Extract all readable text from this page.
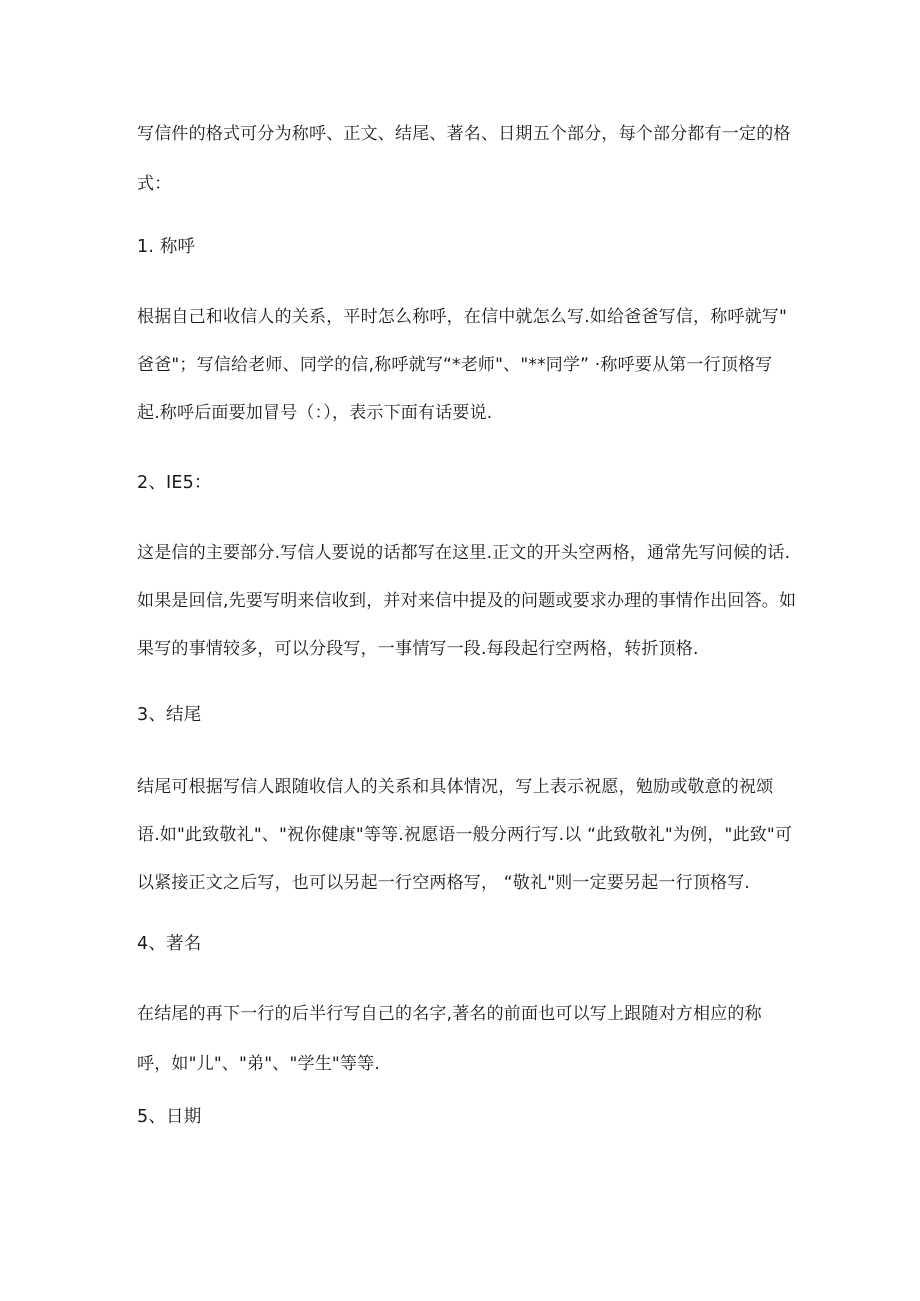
写信件的格式可分为称呼、正文、结尾、著名、日期五个部分，每个部分都有一定的格

式：

1. 称呼

根据自己和收信人的关系，平时怎么称呼，在信中就怎么写.如给爸爸写信，称呼就写"

爸爸"；写信给老师、同学的信,称呼就写“*老师"、"**同学” ·称呼要从第一行顶格写

起.称呼后面要加冒号（：），表示下面有话要说.

2、IE5：

这是信的主要部分.写信人要说的话都写在这里.正文的开头空两格，通常先写问候的话.

如果是回信,先要写明来信收到，并对来信中提及的问题或要求办理的事情作出回答。如

果写的事情较多，可以分段写，一事情写一段.每段起行空两格，转折顶格.

3、结尾

结尾可根据写信人跟随收信人的关系和具体情况，写上表示祝愿，勉励或敬意的祝颂

语.如"此致敬礼"、"祝你健康"等等.祝愿语一般分两行写.以 “此致敬礼"为例，"此致"可

以紧接正文之后写，也可以另起一行空两格写， “敬礼"则一定要另起一行顶格写.

4、著名

在结尾的再下一行的后半行写自己的名字,著名的前面也可以写上跟随对方相应的称

呼，如"儿"、"弟"、"学生"等等.

5、日期
